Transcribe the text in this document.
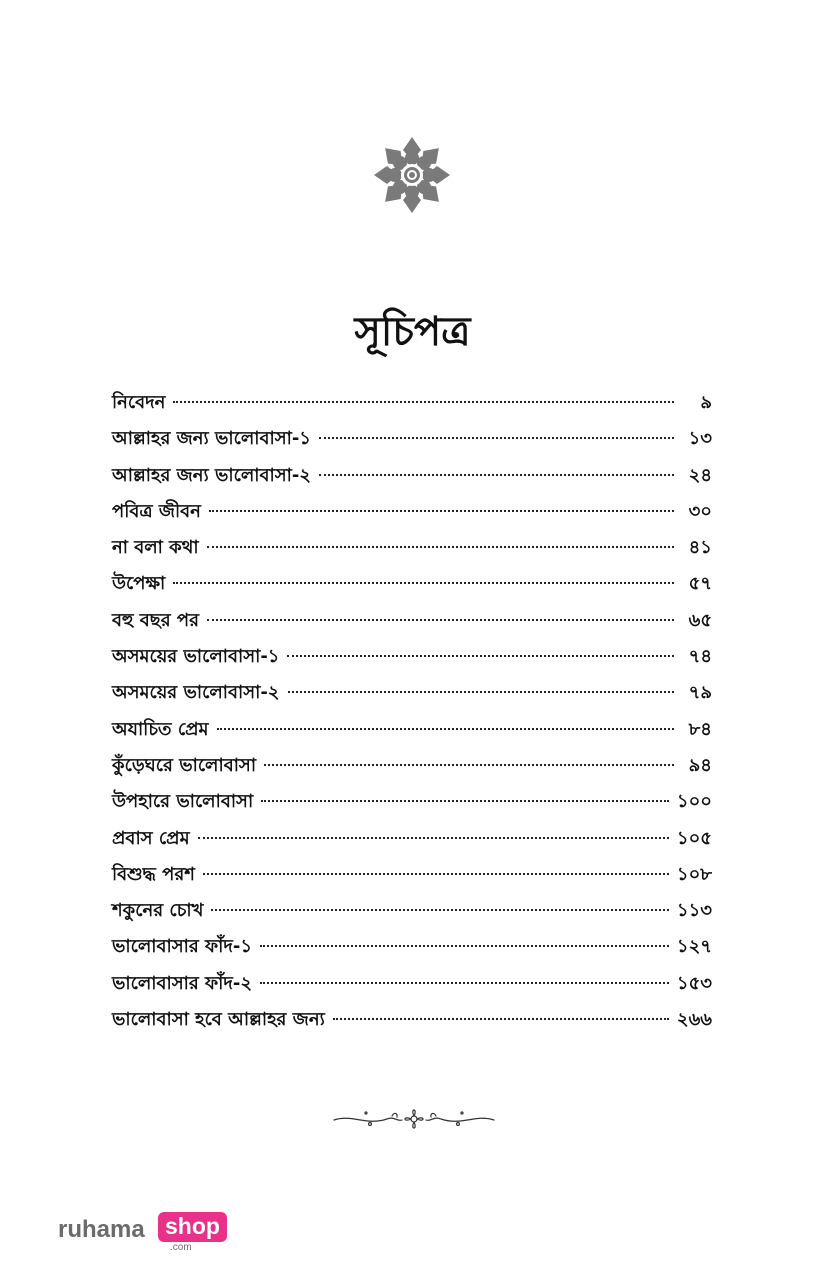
সূচিপত্র
নিবেদন	৯
আল্লাহর জন্য ভালোবাসা-১	১৩
আল্লাহর জন্য ভালোবাসা-২	২৪
পবিত্র জীবন	৩০
না বলা কথা	৪১
উপেক্ষা	৫৭
বহু বছর পর	৬৫
অসময়ের ভালোবাসা-১	৭৪
অসময়ের ভালোবাসা-২	৭৯
অযাচিত প্রেম	৮৪
কুঁড়েঘরে ভালোবাসা	৯৪
উপহারে ভালোবাসা	১০০
প্রবাস প্রেম	১০৫
বিশুদ্ধ পরশ	১০৮
শকুনের চোখ	১১৩
ভালোবাসার ফাঁদ-১	১২৭
ভালোবাসার ফাঁদ-২	১৫৩
ভালোবাসা হবে আল্লাহর জন্য	২৬৬
ruhama shop
.com
